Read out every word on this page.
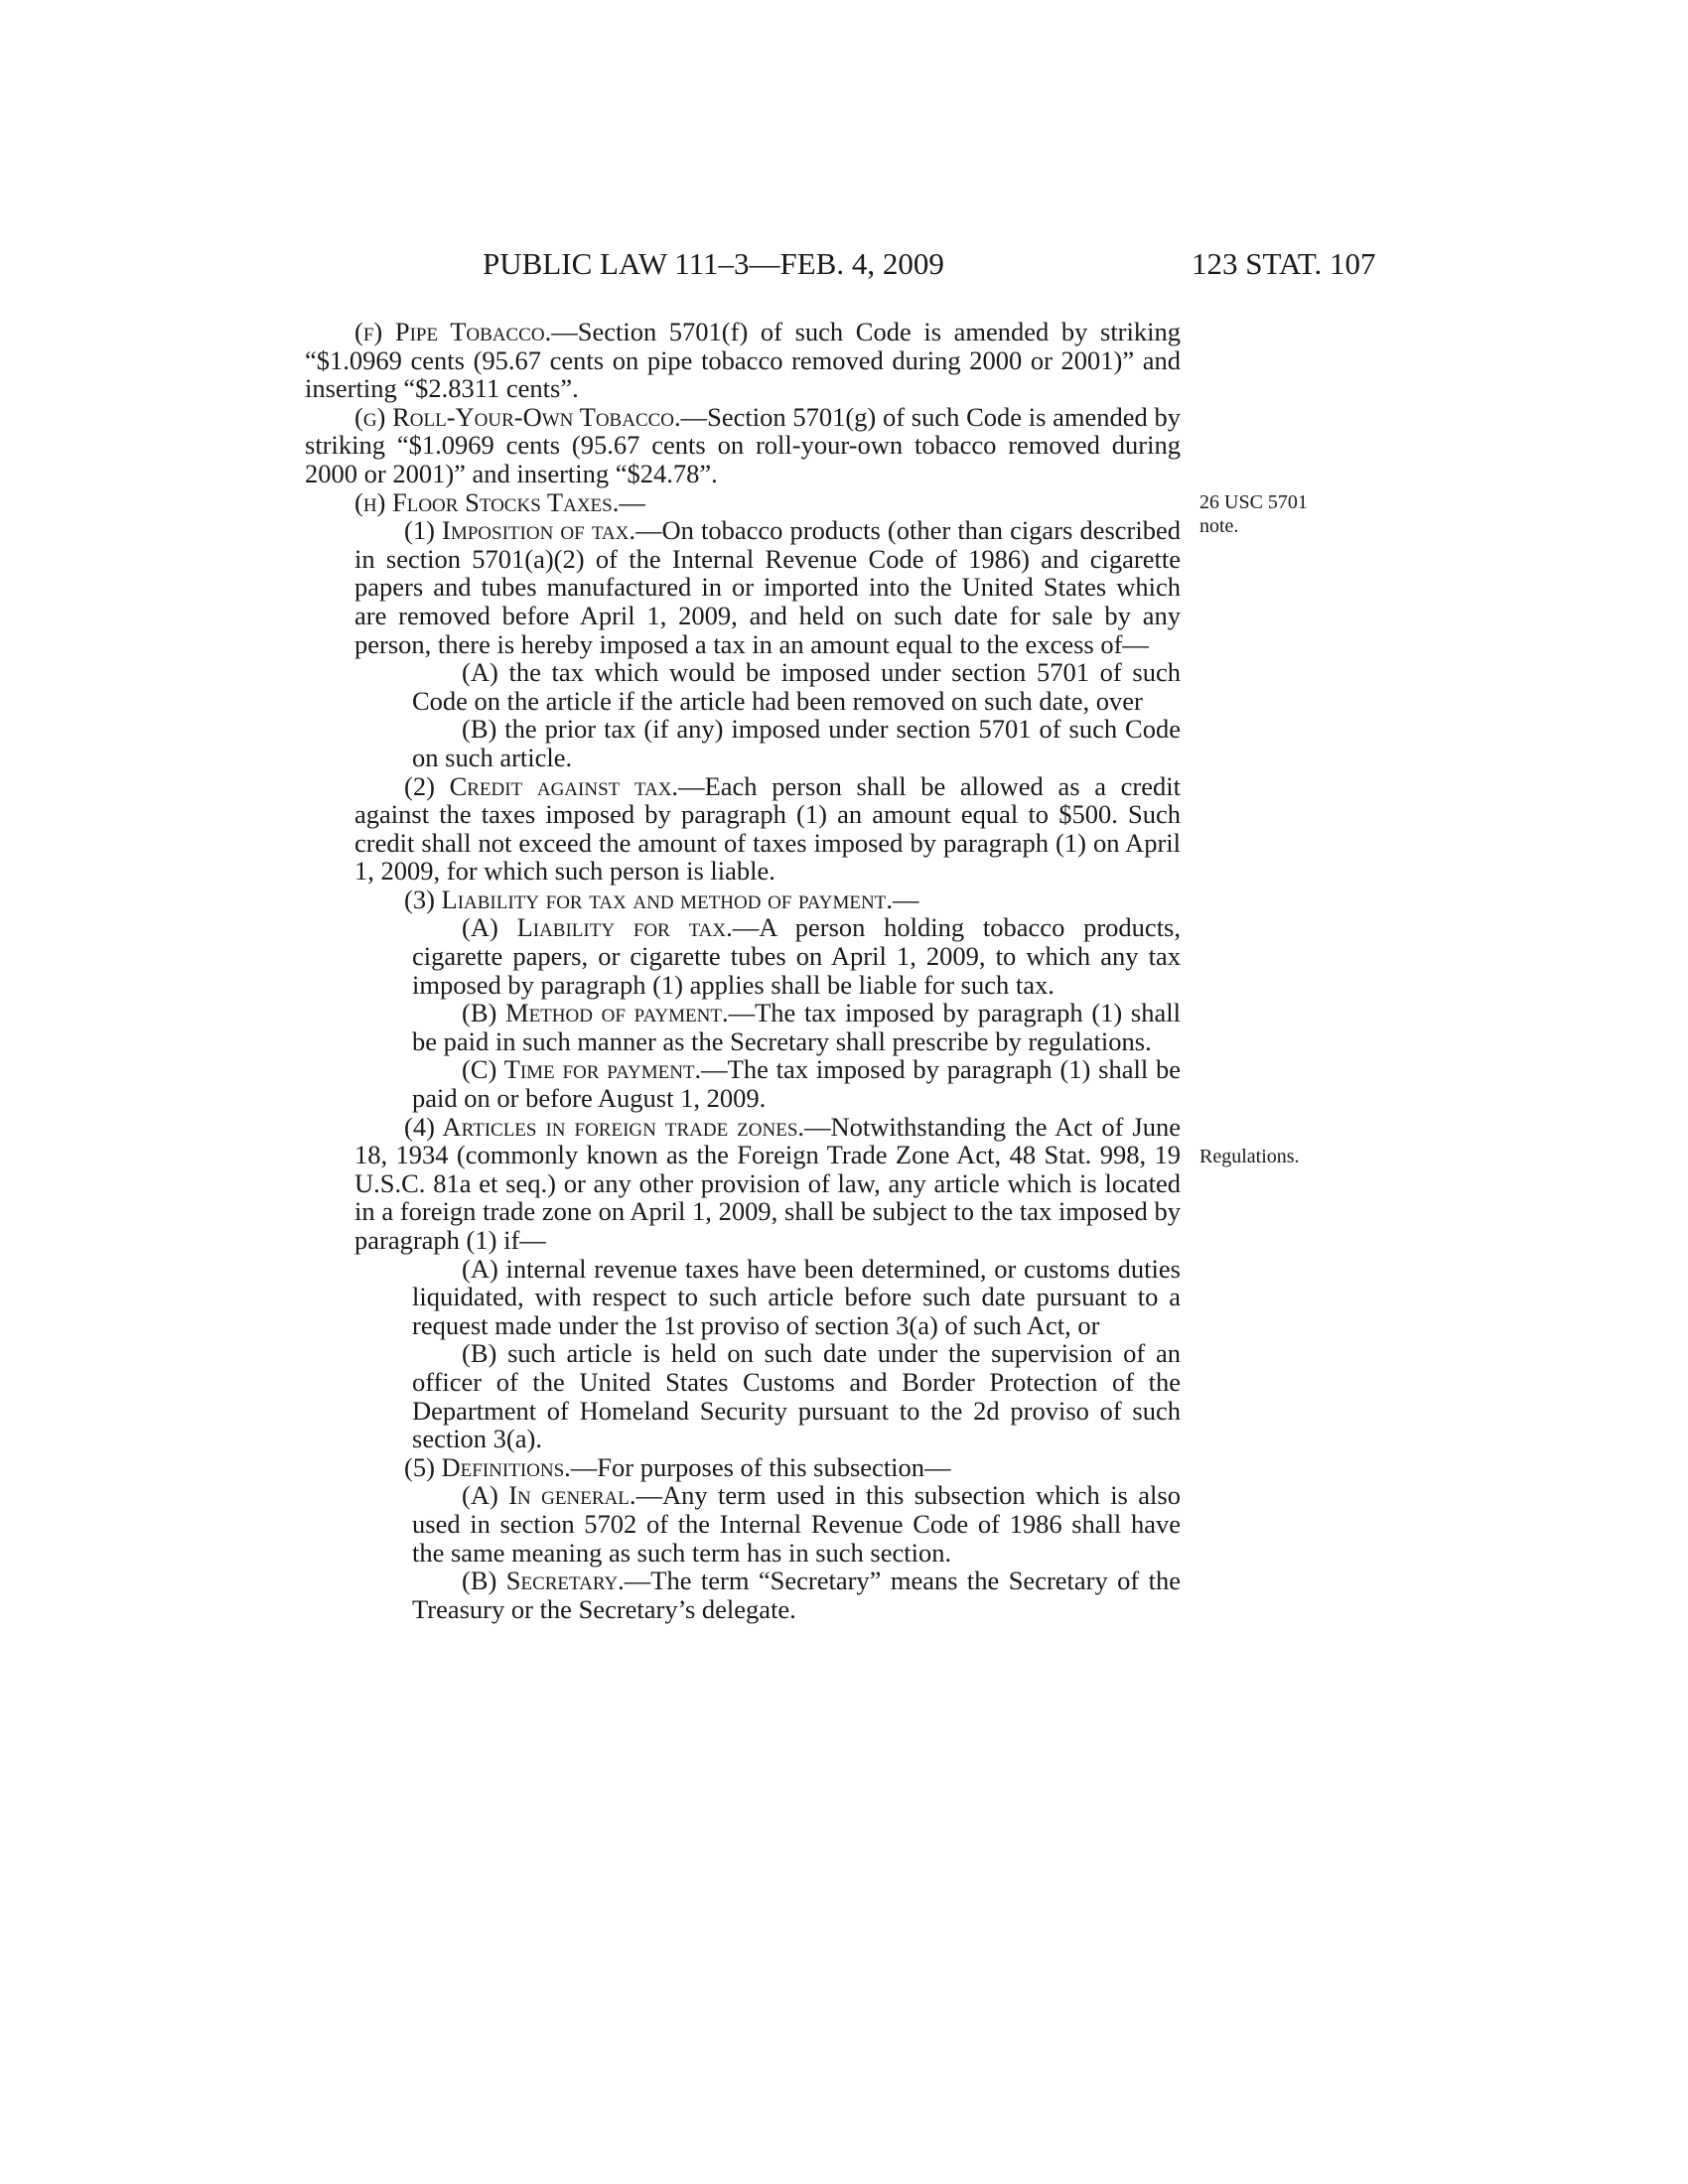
PUBLIC LAW 111–3—FEB. 4, 2009	123 STAT. 107
26 USC 5701
note.
Regulations.

(f) Pipe Tobacco.—Section 5701(f) of such Code is amended by striking “$1.0969 cents (95.67 cents on pipe tobacco removed during 2000 or 2001)” and inserting “$2.8311 cents”.

(g) Roll-Your-Own Tobacco.—Section 5701(g) of such Code is amended by striking “$1.0969 cents (95.67 cents on roll-your-own tobacco removed during 2000 or 2001)” and inserting “$24.78”.

(h) Floor Stocks Taxes.—

(1) Imposition of tax.—On tobacco products (other than cigars described in section 5701(a)(2) of the Internal Revenue Code of 1986) and cigarette papers and tubes manufactured in or imported into the United States which are removed before April 1, 2009, and held on such date for sale by any person, there is hereby imposed a tax in an amount equal to the excess of—

(A) the tax which would be imposed under section 5701 of such Code on the article if the article had been removed on such date, over

(B) the prior tax (if any) imposed under section 5701 of such Code on such article.

(2) Credit against tax.—Each person shall be allowed as a credit against the taxes imposed by paragraph (1) an amount equal to $500. Such credit shall not exceed the amount of taxes imposed by paragraph (1) on April 1, 2009, for which such person is liable.

(3) Liability for tax and method of payment.—

(A) Liability for tax.—A person holding tobacco products, cigarette papers, or cigarette tubes on April 1, 2009, to which any tax imposed by paragraph (1) applies shall be liable for such tax.

(B) Method of payment.—The tax imposed by paragraph (1) shall be paid in such manner as the Secretary shall prescribe by regulations.

(C) Time for payment.—The tax imposed by paragraph (1) shall be paid on or before August 1, 2009.

(4) Articles in foreign trade zones.—Notwithstanding the Act of June 18, 1934 (commonly known as the Foreign Trade Zone Act, 48 Stat. 998, 19 U.S.C. 81a et seq.) or any other provision of law, any article which is located in a foreign trade zone on April 1, 2009, shall be subject to the tax imposed by paragraph (1) if—

(A) internal revenue taxes have been determined, or customs duties liquidated, with respect to such article before such date pursuant to a request made under the 1st proviso of section 3(a) of such Act, or

(B) such article is held on such date under the supervision of an officer of the United States Customs and Border Protection of the Department of Homeland Security pursuant to the 2d proviso of such section 3(a).

(5) Definitions.—For purposes of this subsection—

(A) In general.—Any term used in this subsection which is also used in section 5702 of the Internal Revenue Code of 1986 shall have the same meaning as such term has in such section.

(B) Secretary.—The term “Secretary” means the Secretary of the Treasury or the Secretary’s delegate.
